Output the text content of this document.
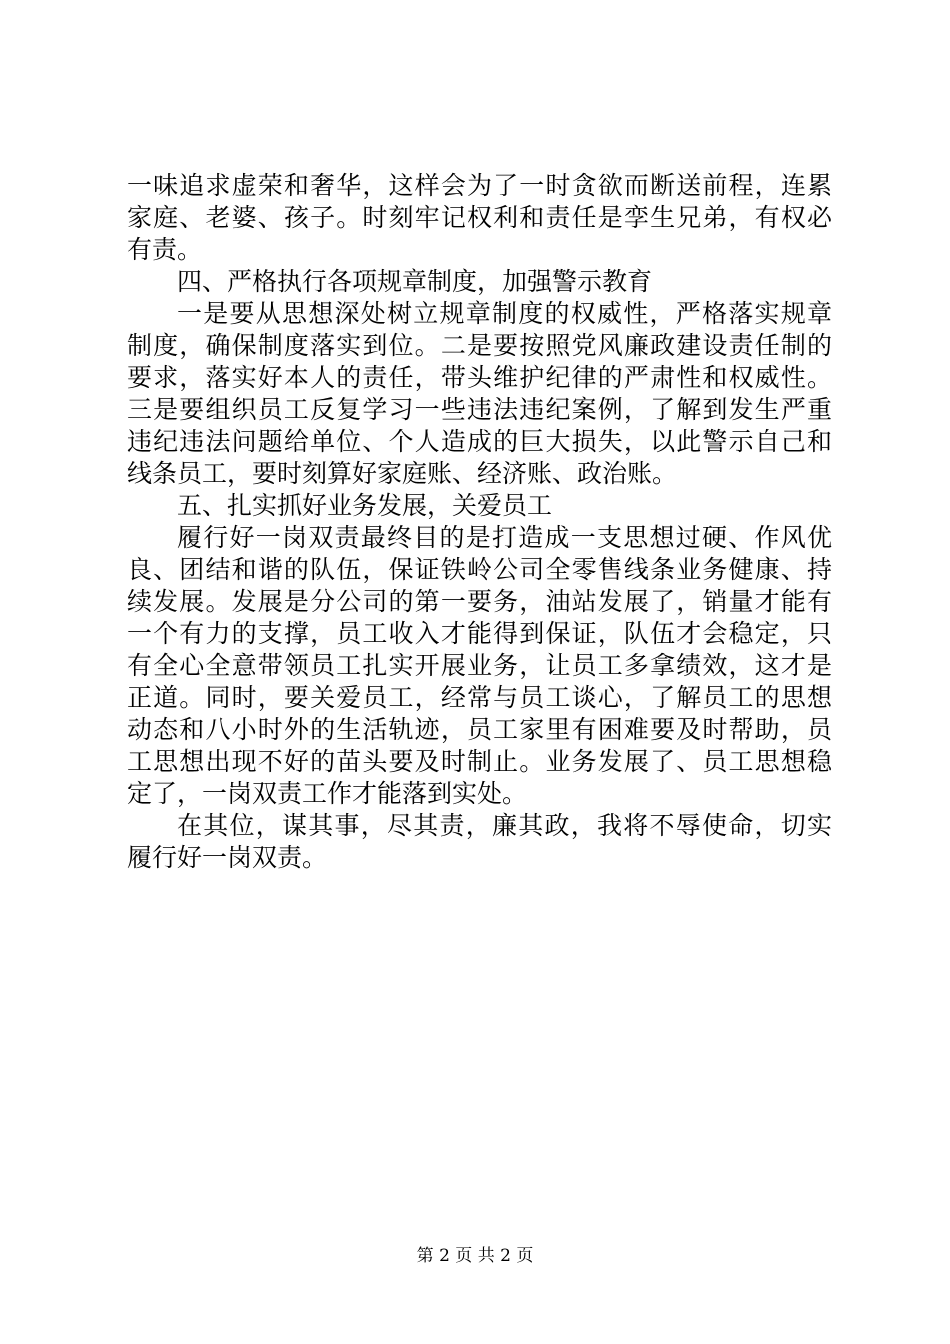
一味追求虚荣和奢华，这样会为了一时贪欲而断送前程，连累
家庭、老婆、孩子。时刻牢记权利和责任是孪生兄弟，有权必
有责。
四、严格执行各项规章制度，加强警示教育
一是要从思想深处树立规章制度的权威性，严格落实规章
制度，确保制度落实到位。二是要按照党风廉政建设责任制的
要求，落实好本人的责任，带头维护纪律的严肃性和权威性。
三是要组织员工反复学习一些违法违纪案例，了解到发生严重
违纪违法问题给单位、个人造成的巨大损失，以此警示自己和
线条员工，要时刻算好家庭账、经济账、政治账。
五、扎实抓好业务发展，关爱员工
履行好一岗双责最终目的是打造成一支思想过硬、作风优
良、团结和谐的队伍，保证铁岭公司全零售线条业务健康、持
续发展。发展是分公司的第一要务，油站发展了，销量才能有
一个有力的支撑，员工收入才能得到保证，队伍才会稳定，只
有全心全意带领员工扎实开展业务，让员工多拿绩效，这才是
正道。同时，要关爱员工，经常与员工谈心，了解员工的思想
动态和八小时外的生活轨迹，员工家里有困难要及时帮助，员
工思想出现不好的苗头要及时制止。业务发展了、员工思想稳
定了，一岗双责工作才能落到实处。
在其位，谋其事，尽其责，廉其政，我将不辱使命，切实
履行好一岗双责。
第 2 页 共 2 页
